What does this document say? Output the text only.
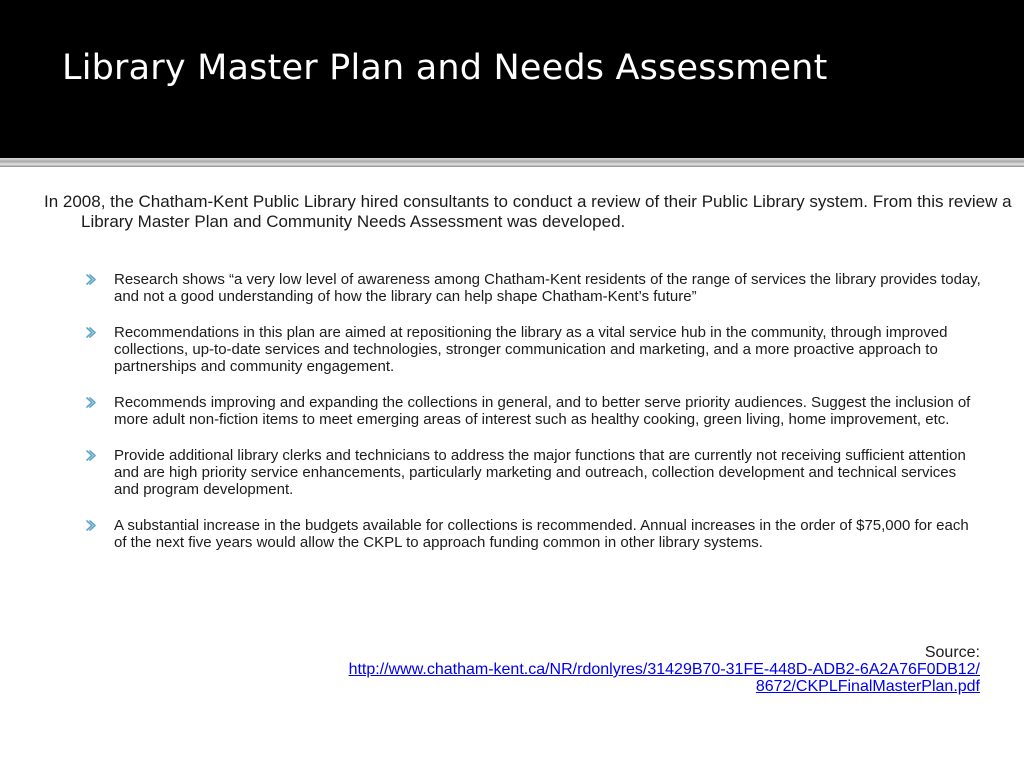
Library Master Plan and Needs Assessment

In 2008, the Chatham-Kent Public Library hired consultants to conduct a review of their Public Library system. From this review a Library Master Plan and Community Needs Assessment was developed.

Research shows “a very low level of awareness among Chatham-Kent residents of the range of services the library provides today, and not a good understanding of how the library can help shape Chatham-Kent’s future”
Recommendations in this plan are aimed at repositioning the library as a vital service hub in the community, through improved collections, up-to-date services and technologies, stronger communication and marketing, and a more proactive approach to partnerships and community engagement.
Recommends improving and expanding the collections in general, and to better serve priority audiences. Suggest the inclusion of more adult non-fiction items to meet emerging areas of interest such as healthy cooking, green living, home improvement, etc.
Provide additional library clerks and technicians to address the major functions that are currently not receiving sufficient attention and are high priority service enhancements, particularly marketing and outreach, collection development and technical services and program development.
A substantial increase in the budgets available for collections is recommended. Annual increases in the order of $75,000 for each of the next five years would allow the CKPL to approach funding common in other library systems.
Source:
http://www.chatham-kent.ca/NR/rdonlyres/31429B70-31FE-448D-ADB2-6A2A76F0DB12/8672/CKPLFinalMasterPlan.pdf
